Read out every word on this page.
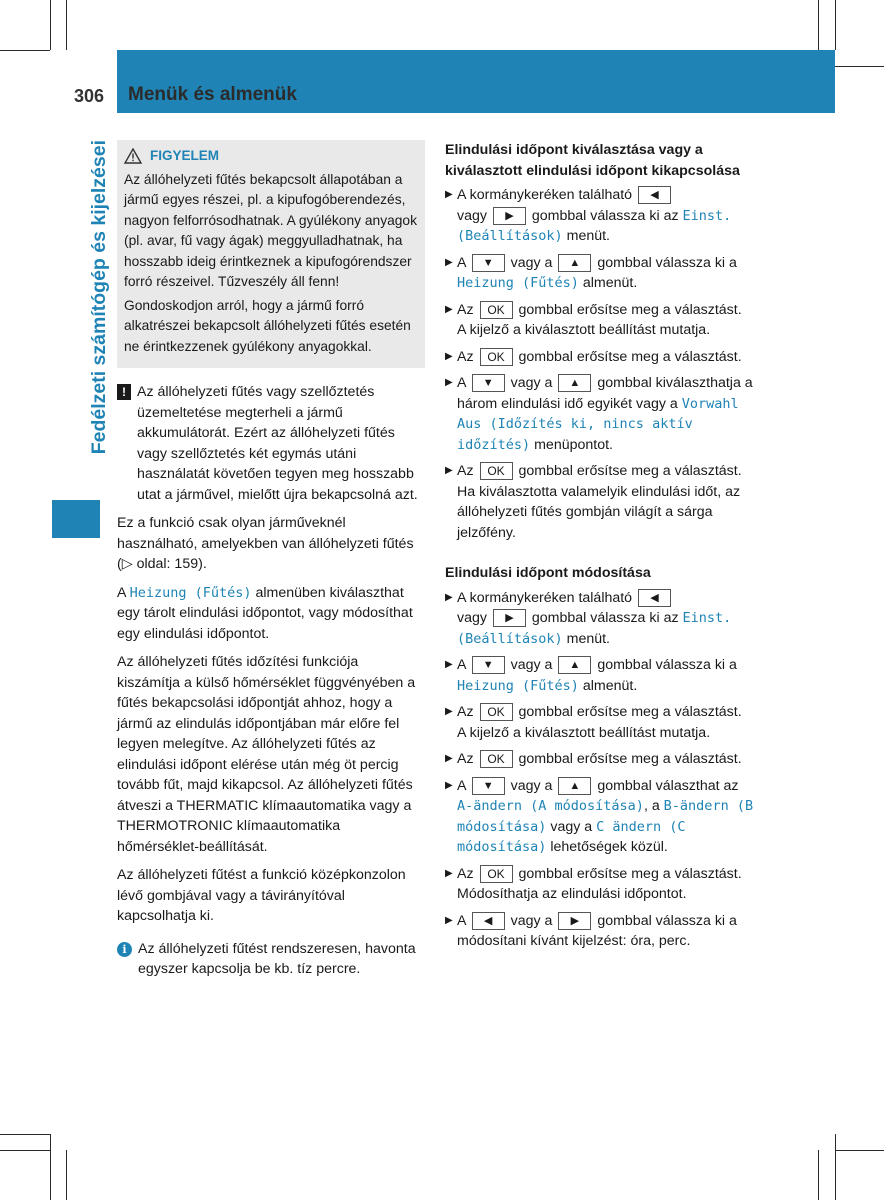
306 Menük és almenük
Fedélzeti számítógép és kijelzései	FIGYELEM

Az állóhelyzeti fűtés bekapcsolt állapotában a jármű egyes részei, pl. a kipufogóberendezés, nagyon felforrósodhatnak. A gyúlékony anyagok (pl. avar, fű vagy ágak) meggyulladhatnak, ha hosszabb ideig érintkeznek a kipufogórendszer forró részeivel. Tűzveszély áll fenn!

Gondoskodjon arról, hogy a jármű forró alkatrészei bekapcsolt állóhelyzeti fűtés esetén ne érintkezzenek gyúlékony anyagokkal.

! Az állóhelyzeti fűtés vagy szellőztetés üzemeltetése megterheli a jármű akkumulátorát. Ezért az állóhelyzeti fűtés vagy szellőztetés két egymás utáni használatát követően tegyen meg hosszabb utat a járművel, mielőtt újra bekapcsolná azt.

Ez a funkció csak olyan járműveknél használható, amelyekben van állóhelyzeti fűtés (▷ oldal: 159).

A Heizung (Fűtés) almenüben kiválaszthat egy tárolt elindulási időpontot, vagy módosíthat egy elindulási időpontot.

Az állóhelyzeti fűtés időzítési funkciója kiszámítja a külső hőmérséklet függvényében a fűtés bekapcsolási időpontját ahhoz, hogy a jármű az elindulás időpontjában már előre fel legyen melegítve. Az állóhelyzeti fűtés az elindulási időpont elérése után még öt percig tovább fűt, majd kikapcsol. Az állóhelyzeti fűtés átveszi a THERMATIC klímaautomatika vagy a THERMOTRONIC klímaautomatika hőmérséklet-beállítását.

Az állóhelyzeti fűtést a funkció középkonzolon lévő gombjával vagy a távirányítóval kapcsolhatja ki.

i Az állóhelyzeti fűtést rendszeresen, havonta egyszer kapcsolja be kb. tíz percre.

Elindulási időpont kiválasztása vagy a kiválasztott elindulási időpont kikapcsolása

▶ A kormánykeréken található ◀
vagy ▶ gombbal válassza ki az Einst. (Beállítások) menüt.
▶ A ▼ vagy a ▲ gombbal válassza ki a Heizung (Fűtés) almenüt.
▶ Az OK gombbal erősítse meg a választást.
A kijelző a kiválasztott beállítást mutatja.
▶ Az OK gombbal erősítse meg a választást.
▶ A ▼ vagy a ▲ gombbal kiválaszthatja a három elindulási idő egyikét vagy a Vorwahl Aus (Időzítés ki, nincs aktív időzítés) menüpontot.
▶ Az OK gombbal erősítse meg a választást.
Ha kiválasztotta valamelyik elindulási időt, az állóhelyzeti fűtés gombján világít a sárga jelzőfény.

Elindulási időpont módosítása

▶ A kormánykeréken található ◀
vagy ▶ gombbal válassza ki az Einst. (Beállítások) menüt.
▶ A ▼ vagy a ▲ gombbal válassza ki a Heizung (Fűtés) almenüt.
▶ Az OK gombbal erősítse meg a választást.
A kijelző a kiválasztott beállítást mutatja.
▶ Az OK gombbal erősítse meg a választást.
▶ A ▼ vagy a ▲ gombbal választhat az A-ändern (A módosítása), a B-ändern (B módosítása) vagy a C ändern (C módosítása) lehetőségek közül.
▶ Az OK gombbal erősítse meg a választást.
Módosíthatja az elindulási időpontot.
▶ A ◀ vagy a ▶ gombbal válassza ki a módosítani kívánt kijelzést: óra, perc.
